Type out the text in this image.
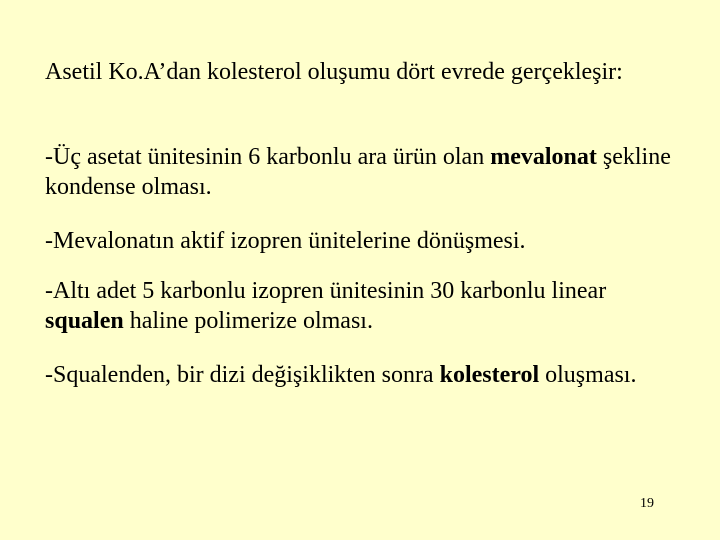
Asetil Ko.A’dan kolesterol oluşumu dört evrede gerçekleşir:

-Üç asetat ünitesinin 6 karbonlu ara ürün olan mevalonat şekline kondense olması.

-Mevalonatın aktif izopren ünitelerine dönüşmesi.

-Altı adet 5 karbonlu izopren ünitesinin 30 karbonlu linear squalen haline polimerize olması.

-Squalenden, bir dizi değişiklikten sonra kolesterol oluşması.

19
